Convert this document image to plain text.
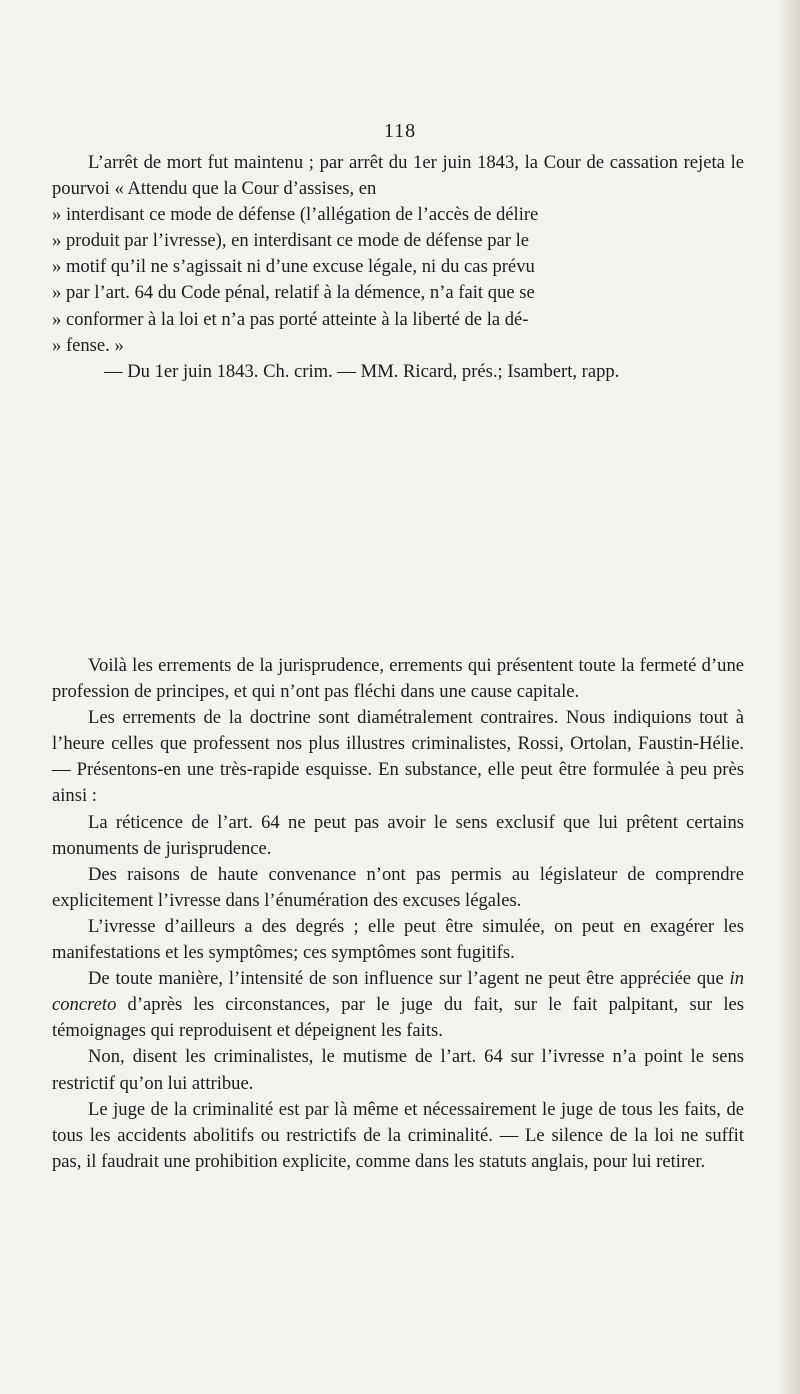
118

L’arrêt de mort fut maintenu ; par arrêt du 1er juin 1843, la Cour de cassation rejeta le pourvoi « Attendu que la Cour d’assises, en

» interdisant ce mode de défense (l’allégation de l’accès de délire
» produit par l’ivresse), en interdisant ce mode de défense par le
» motif qu’il ne s’agissait ni d’une excuse légale, ni du cas prévu
» par l’art. 64 du Code pénal, relatif à la démence, n’a fait que se
» conformer à la loi et n’a pas porté atteinte à la liberté de la dé-
» fense. »

— Du 1er juin 1843. Ch. crim. — MM. Ricard, prés.; Isambert, rapp.

Voilà les errements de la jurisprudence, errements qui présentent toute la fermeté d’une profession de principes, et qui n’ont pas fléchi dans une cause capitale.

Les errements de la doctrine sont diamétralement contraires. Nous indiquions tout à l’heure celles que professent nos plus illustres criminalistes, Rossi, Ortolan, Faustin-Hélie. — Présentons-en une très-rapide esquisse. En substance, elle peut être formulée à peu près ainsi :

La réticence de l’art. 64 ne peut pas avoir le sens exclusif que lui prêtent certains monuments de jurisprudence.

Des raisons de haute convenance n’ont pas permis au législateur de comprendre explicitement l’ivresse dans l’énumération des excuses légales.

L’ivresse d’ailleurs a des degrés ; elle peut être simulée, on peut en exagérer les manifestations et les symptômes; ces symptômes sont fugitifs.

De toute manière, l’intensité de son influence sur l’agent ne peut être appréciée que in concreto d’après les circonstances, par le juge du fait, sur le fait palpitant, sur les témoignages qui reproduisent et dépeignent les faits.

Non, disent les criminalistes, le mutisme de l’art. 64 sur l’ivresse n’a point le sens restrictif qu’on lui attribue.

Le juge de la criminalité est par là même et nécessairement le juge de tous les faits, de tous les accidents abolitifs ou restrictifs de la criminalité. — Le silence de la loi ne suffit pas, il faudrait une prohibition explicite, comme dans les statuts anglais, pour lui retirer.
